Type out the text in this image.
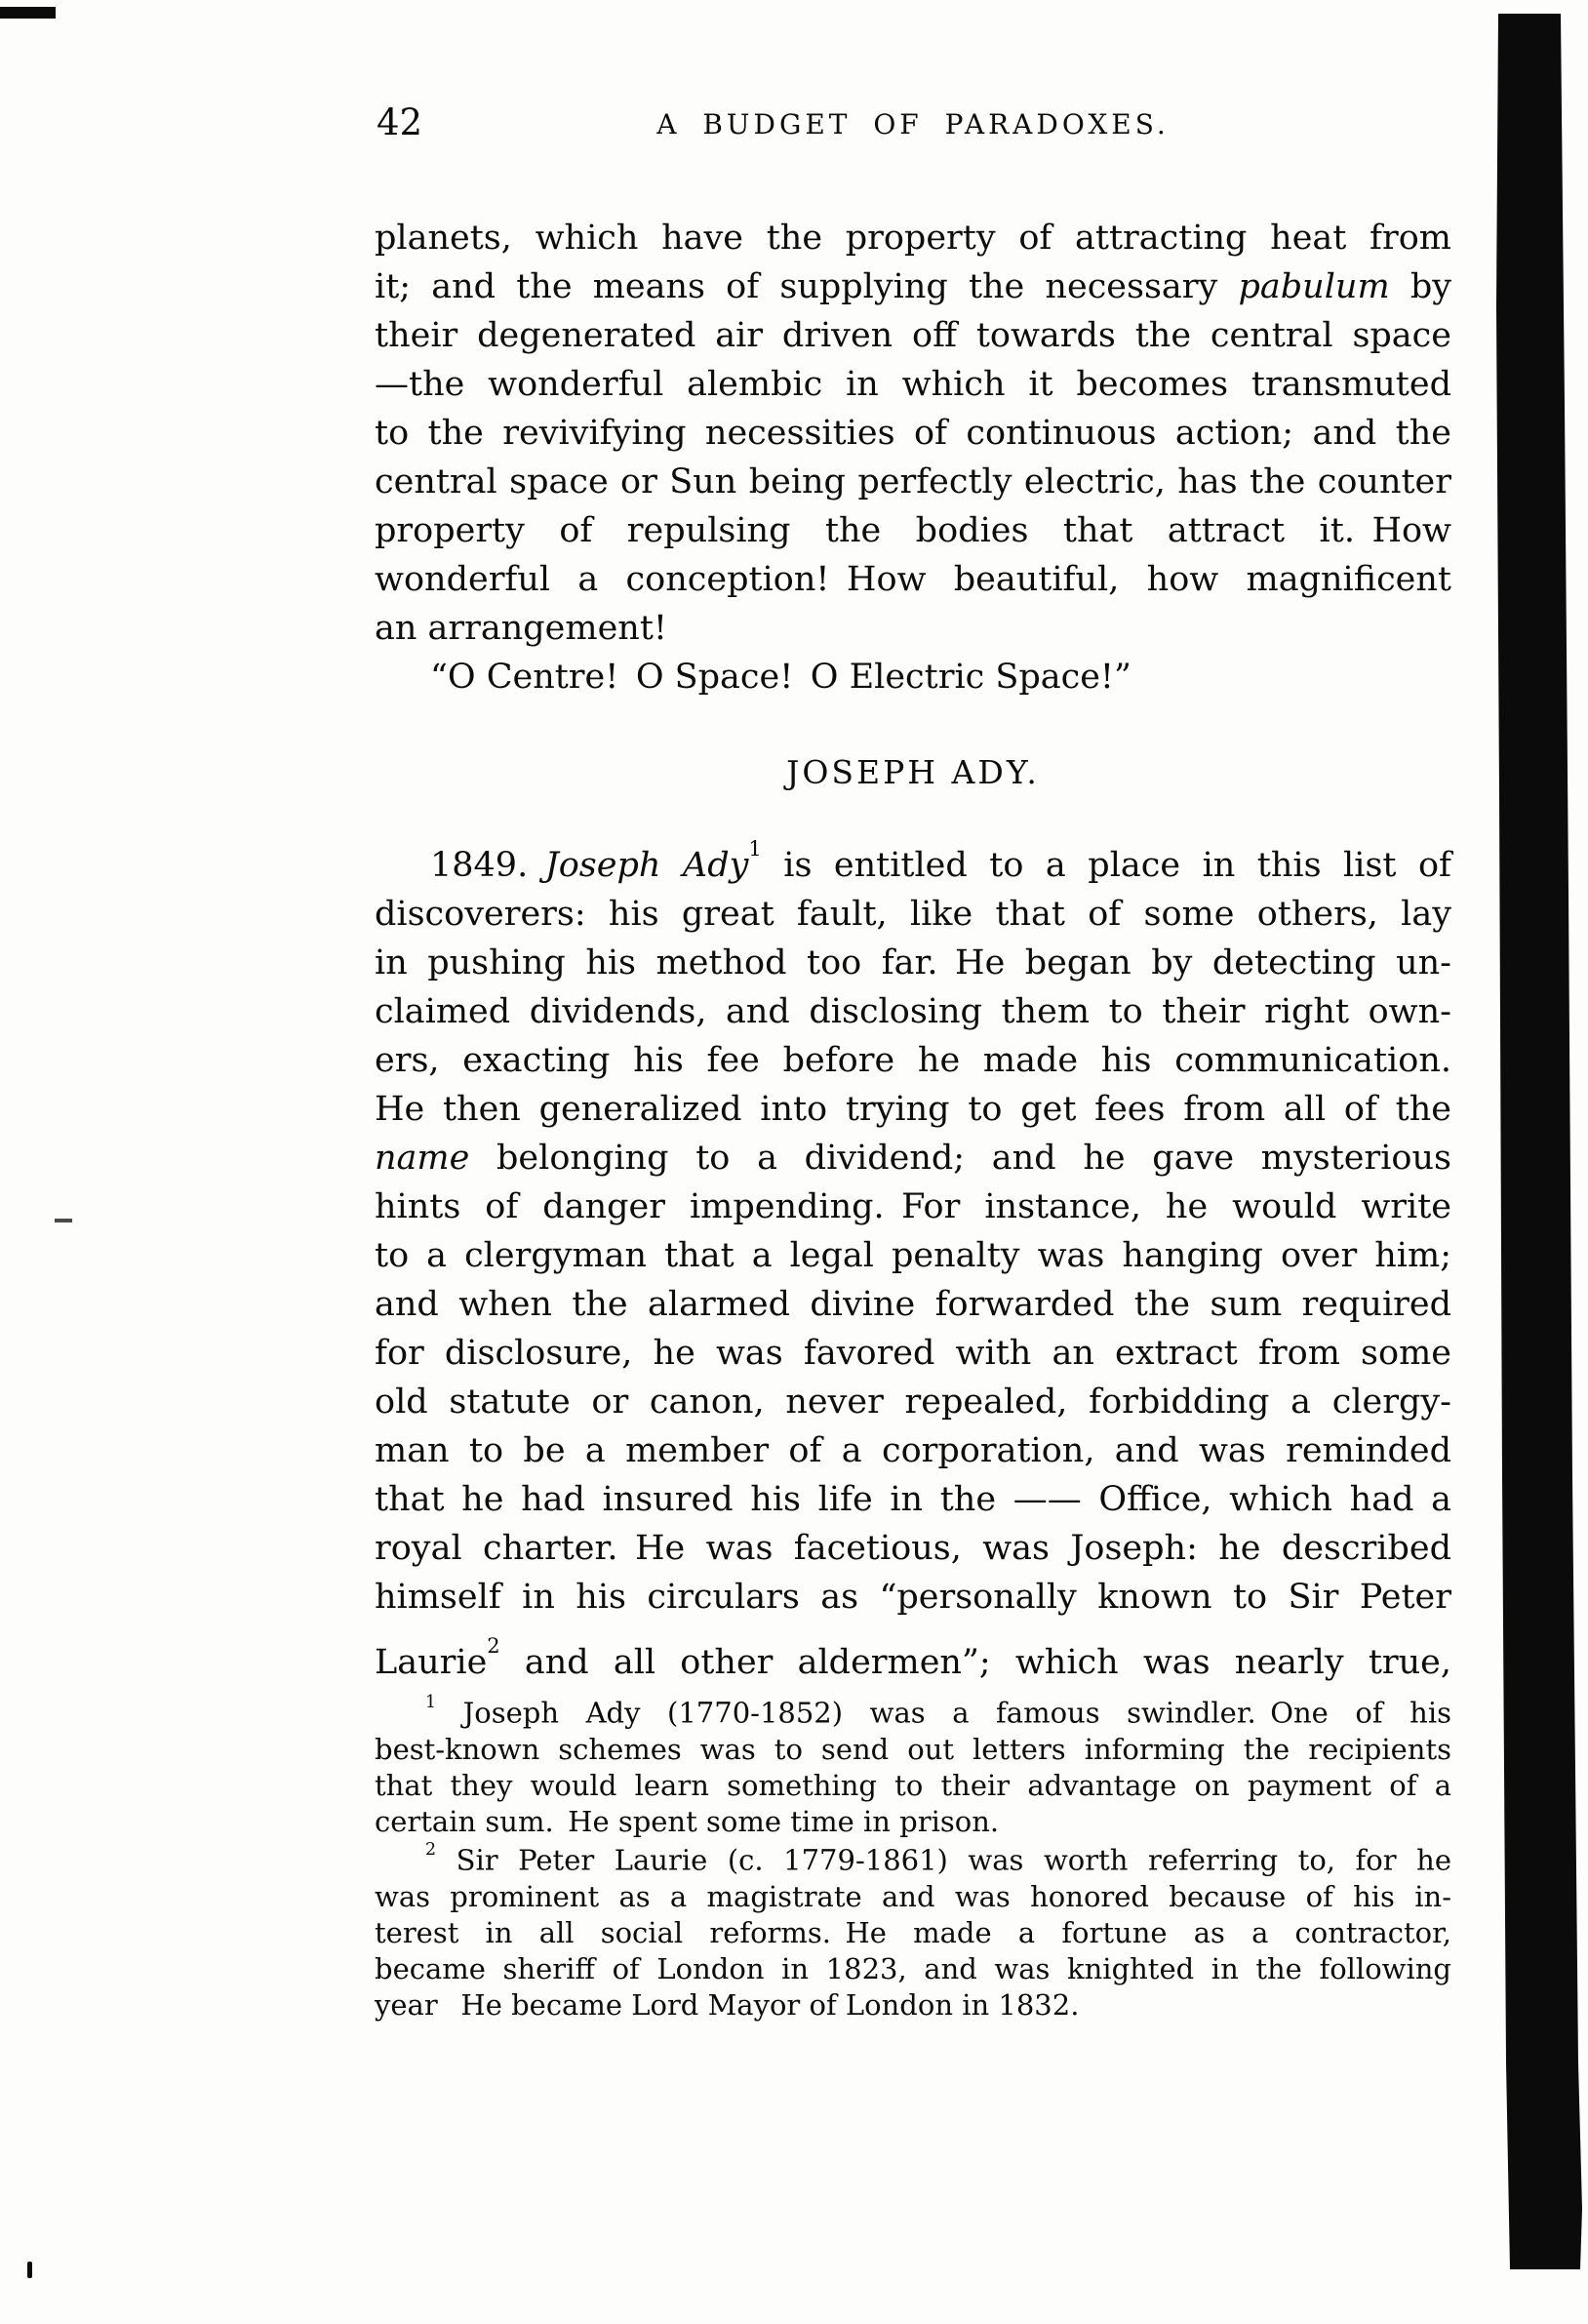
42	A BUDGET OF PARADOXES.
planets, which have the property of attracting heat from
it; and the means of supplying the necessary pabulum by
their degenerated air driven off towards the central space
—the wonderful alembic in which it becomes transmuted
to the revivifying necessities of continuous action; and the
central space or Sun being perfectly electric, has the counter
property of repulsing the bodies that attract it. How
wonderful a conception! How beautiful, how magnificent
an arrangement!
“O Centre! O Space! O Electric Space!”
JOSEPH ADY.
1849. Joseph Ady$^1$ is entitled to a place in this list of
discoverers: his great fault, like that of some others, lay
in pushing his method too far. He began by detecting un-
claimed dividends, and disclosing them to their right own-
ers, exacting his fee before he made his communication.
He then generalized into trying to get fees from all of the
name belonging to a dividend; and he gave mysterious
hints of danger impending. For instance, he would write
to a clergyman that a legal penalty was hanging over him;
and when the alarmed divine forwarded the sum required
for disclosure, he was favored with an extract from some
old statute or canon, never repealed, forbidding a clergy-
man to be a member of a corporation, and was reminded
that he had insured his life in the —— Office, which had a
royal charter. He was facetious, was Joseph: he described
himself in his circulars as “personally known to Sir Peter
Laurie$^2$ and all other aldermen”; which was nearly true,
$^1$ Joseph Ady (1770-1852) was a famous swindler. One of his
best-known schemes was to send out letters informing the recipients
that they would learn something to their advantage on payment of a
certain sum. He spent some time in prison.
$^2$ Sir Peter Laurie (c. 1779-1861) was worth referring to, for he
was prominent as a magistrate and was honored because of his in-
terest in all social reforms. He made a fortune as a contractor,
became sheriff of London in 1823, and was knighted in the following
year  He became Lord Mayor of London in 1832.
